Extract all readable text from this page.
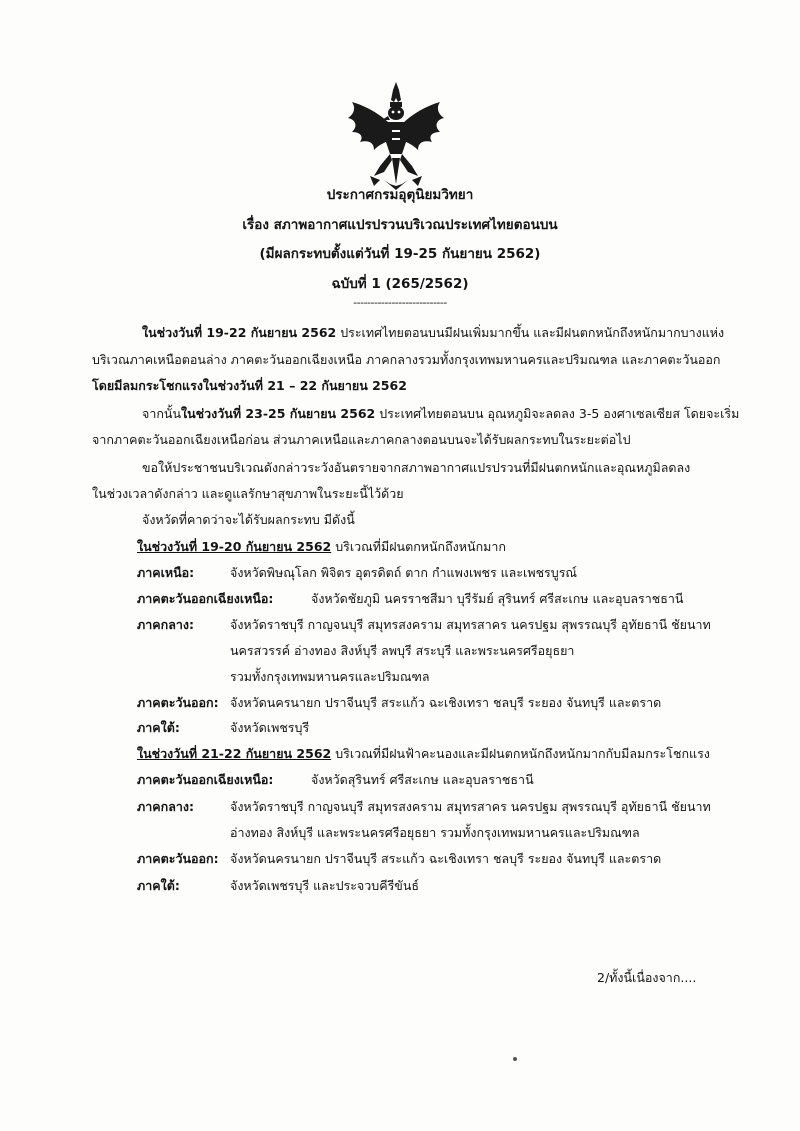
ประกาศกรมอุตุนิยมวิทยา
เรื่อง สภาพอากาศแปรปรวนบริเวณประเทศไทยตอนบน
(มีผลกระทบตั้งแต่วันที่ 19-25 กันยายน 2562)
ฉบับที่ 1 (265/2562)
---------------------------
ในช่วงวันที่ 19-22 กันยายน 2562 ประเทศไทยตอนบนมีฝนเพิ่มมากขึ้น และมีฝนตกหนักถึงหนักมากบางแห่ง
บริเวณภาคเหนือตอนล่าง ภาคตะวันออกเฉียงเหนือ ภาคกลางรวมทั้งกรุงเทพมหานครและปริมณฑล และภาคตะวันออก
โดยมีลมกระโชกแรงในช่วงวันที่ 21 – 22 กันยายน 2562
จากนั้นในช่วงวันที่ 23-25 กันยายน 2562 ประเทศไทยตอนบน อุณหภูมิจะลดลง 3-5 องศาเซลเซียส โดยจะเริ่ม
จากภาคตะวันออกเฉียงเหนือก่อน ส่วนภาคเหนือและภาคกลางตอนบนจะได้รับผลกระทบในระยะต่อไป
ขอให้ประชาชนบริเวณดังกล่าวระวังอันตรายจากสภาพอากาศแปรปรวนที่มีฝนตกหนักและอุณหภูมิลดลง
ในช่วงเวลาดังกล่าว และดูแลรักษาสุขภาพในระยะนี้ไว้ด้วย
จังหวัดที่คาดว่าจะได้รับผลกระทบ มีดังนี้
ในช่วงวันที่ 19-20 กันยายน 2562 บริเวณที่มีฝนตกหนักถึงหนักมาก
ภาคเหนือ:	จังหวัดพิษณุโลก พิจิตร อุตรดิตถ์ ตาก กำแพงเพชร และเพชรบูรณ์
ภาคตะวันออกเฉียงเหนือ:	จังหวัดชัยภูมิ นครราชสีมา บุรีรัมย์ สุรินทร์ ศรีสะเกษ และอุบลราชธานี
ภาคกลาง:	จังหวัดราชบุรี กาญจนบุรี สมุทรสงคราม สมุทรสาคร นครปฐม สุพรรณบุรี อุทัยธานี ชัยนาท
นครสวรรค์ อ่างทอง สิงห์บุรี ลพบุรี สระบุรี และพระนครศรีอยุธยา
รวมทั้งกรุงเทพมหานครและปริมณฑล
ภาคตะวันออก: จังหวัดนครนายก ปราจีนบุรี สระแก้ว ฉะเชิงเทรา ชลบุรี ระยอง จันทบุรี และตราด
ภาคใต้:	จังหวัดเพชรบุรี
ในช่วงวันที่ 21-22 กันยายน 2562 บริเวณที่มีฝนฟ้าคะนองและมีฝนตกหนักถึงหนักมากกับมีลมกระโชกแรง
ภาคตะวันออกเฉียงเหนือ:	จังหวัดสุรินทร์ ศรีสะเกษ และอุบลราชธานี
ภาคกลาง:	จังหวัดราชบุรี กาญจนบุรี สมุทรสงคราม สมุทรสาคร นครปฐม สุพรรณบุรี อุทัยธานี ชัยนาท
อ่างทอง สิงห์บุรี และพระนครศรีอยุธยา รวมทั้งกรุงเทพมหานครและปริมณฑล
ภาคตะวันออก: จังหวัดนครนายก ปราจีนบุรี สระแก้ว ฉะเชิงเทรา ชลบุรี ระยอง จันทบุรี และตราด
ภาคใต้:	จังหวัดเพชรบุรี และประจวบคีรีขันธ์
2/ทั้งนี้เนื่องจาก....
